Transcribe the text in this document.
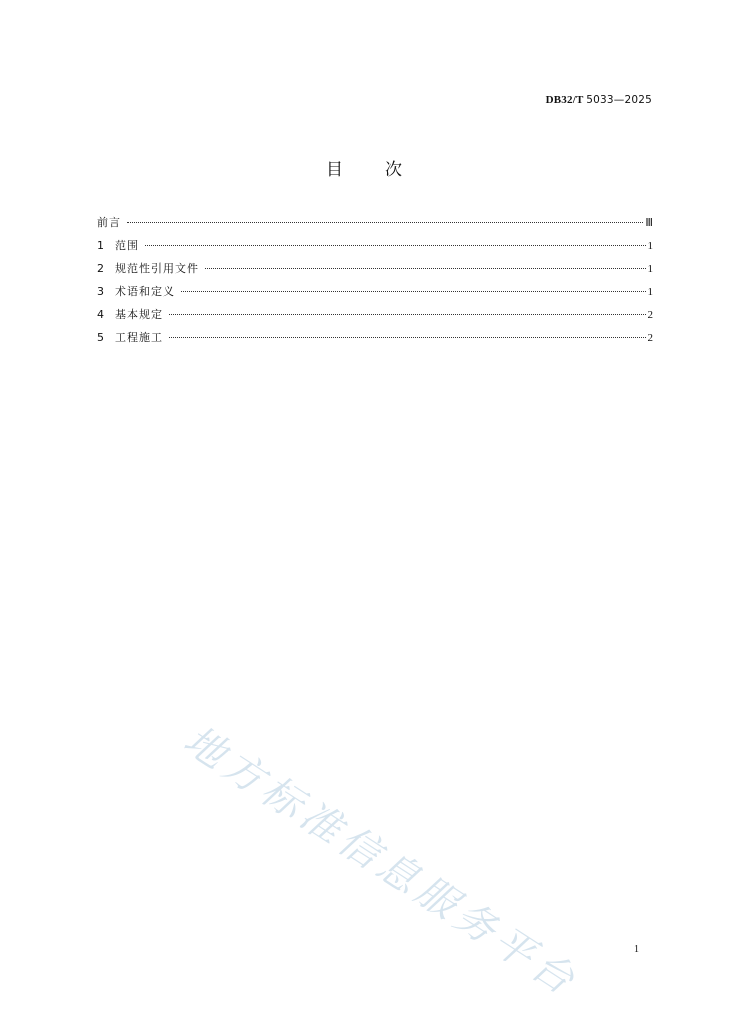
DB32/T 5033—2025
目 次
前言	Ⅲ
1	范围	1
2	规范性引用文件	1
3	术语和定义	1
4	基本规定	2
5	工程施工	2
地方标准信息服务平台	1
